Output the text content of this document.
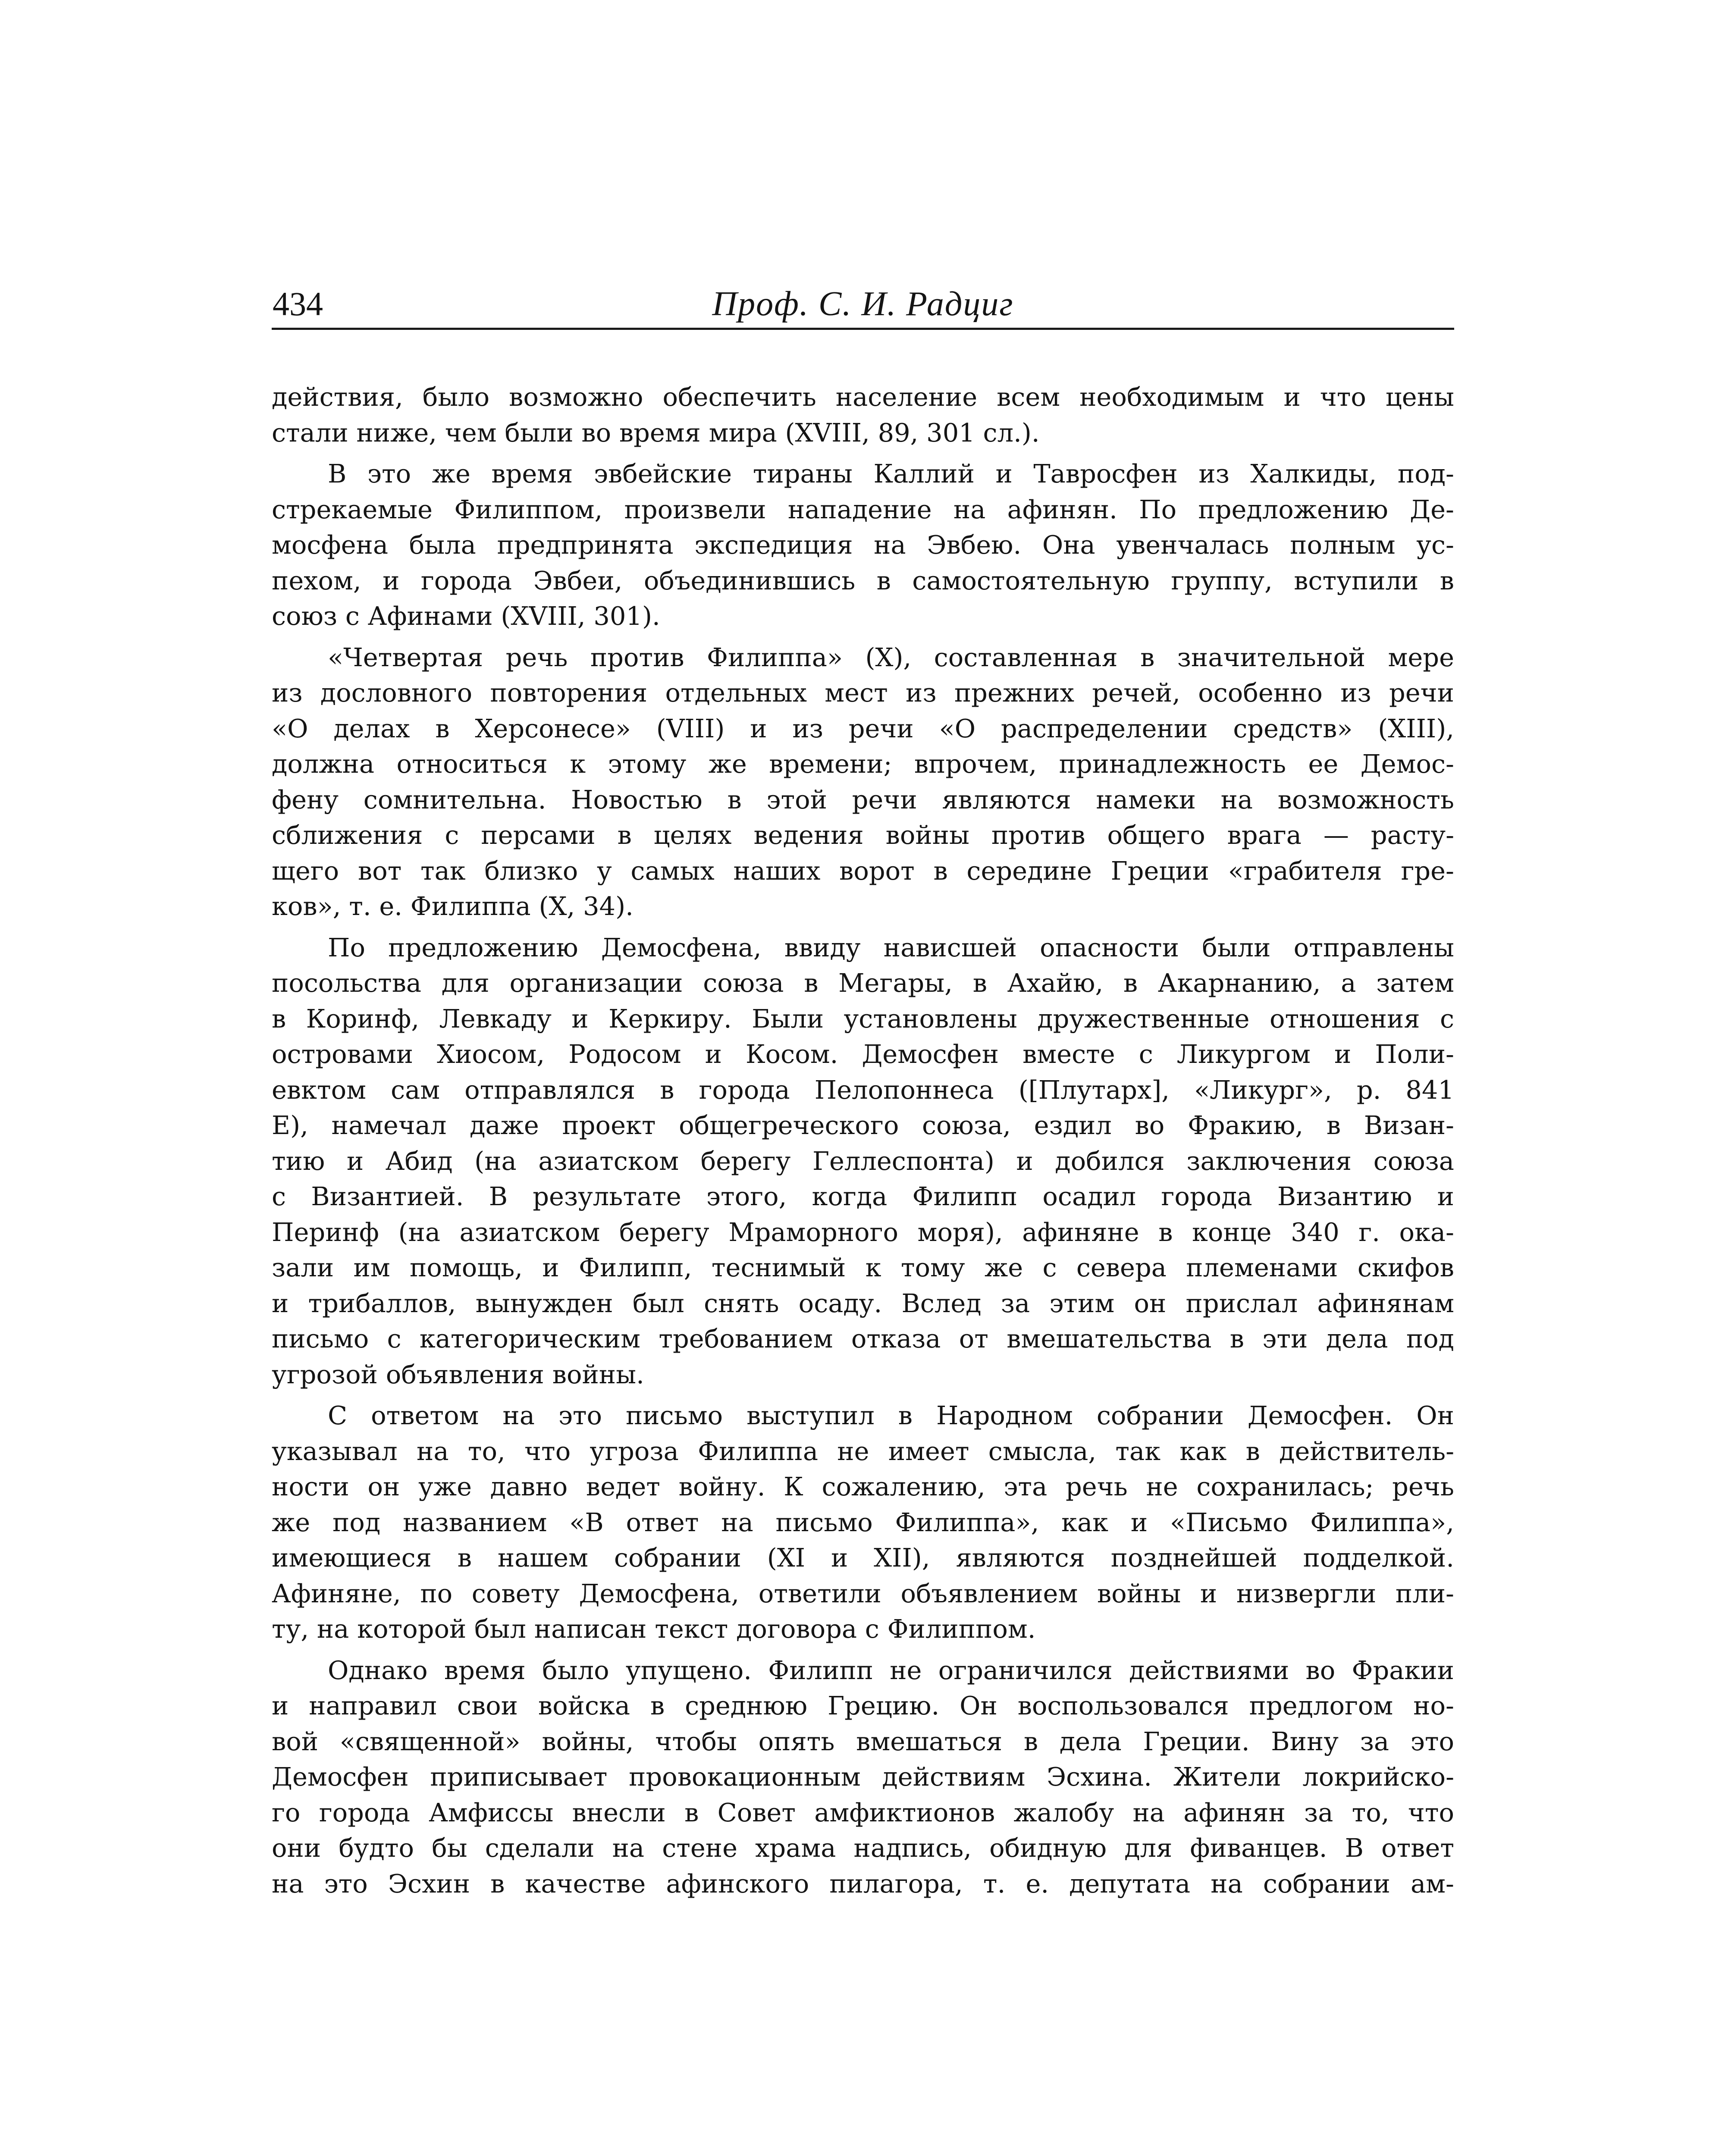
434	Проф. С. И. Радциг
действия, было возможно обеспечить население всем необходимым и что цены
стали ниже, чем были во время мира (XVIII, 89, 301 сл.).
В это же время эвбейские тираны Каллий и Тавросфен из Халкиды, под-
стрекаемые Филиппом, произвели нападение на афинян. По предложению Де-
мосфена была предпринята экспедиция на Эвбею. Она увенчалась полным ус-
пехом, и города Эвбеи, объединившись в самостоятельную группу, вступили в
союз с Афинами (XVIII, 301).
«Четвертая речь против Филиппа» (X), составленная в значительной мере
из дословного повторения отдельных мест из прежних речей, особенно из речи
«О делах в Херсонесе» (VIII) и из речи «О распределении средств» (XIII),
должна относиться к этому же времени; впрочем, принадлежность ее Демос-
фену сомнительна. Новостью в этой речи являются намеки на возможность
сближения с персами в целях ведения войны против общего врага — расту-
щего вот так близко у самых наших ворот в середине Греции «грабителя гре-
ков», т. е. Филиппа (X, 34).
По предложению Демосфена, ввиду нависшей опасности были отправлены
посольства для организации союза в Мегары, в Ахайю, в Акарнанию, а затем
в Коринф, Левкаду и Керкиру. Были установлены дружественные отношения с
островами Хиосом, Родосом и Косом. Демосфен вместе с Ликургом и Поли-
евктом сам отправлялся в города Пелопоннеса ([Плутарх], «Ликург», р. 841
E), намечал даже проект общегреческого союза, ездил во Фракию, в Визан-
тию и Абид (на азиатском берегу Геллеспонта) и добился заключения союза
с Византией. В результате этого, когда Филипп осадил города Византию и
Перинф (на азиатском берегу Мраморного моря), афиняне в конце 340 г. ока-
зали им помощь, и Филипп, теснимый к тому же с севера племенами скифов
и трибаллов, вынужден был снять осаду. Вслед за этим он прислал афинянам
письмо с категорическим требованием отказа от вмешательства в эти дела под
угрозой объявления войны.
С ответом на это письмо выступил в Народном собрании Демосфен. Он
указывал на то, что угроза Филиппа не имеет смысла, так как в действитель-
ности он уже давно ведет войну. К сожалению, эта речь не сохранилась; речь
же под названием «В ответ на письмо Филиппа», как и «Письмо Филиппа»,
имеющиеся в нашем собрании (XI и XII), являются позднейшей подделкой.
Афиняне, по совету Демосфена, ответили объявлением войны и низвергли пли-
ту, на которой был написан текст договора с Филиппом.
Однако время было упущено. Филипп не ограничился действиями во Фракии
и направил свои войска в среднюю Грецию. Он воспользовался предлогом но-
вой «священной» войны, чтобы опять вмешаться в дела Греции. Вину за это
Демосфен приписывает провокационным действиям Эсхина. Жители локрийско-
го города Амфиссы внесли в Совет амфиктионов жалобу на афинян за то, что
они будто бы сделали на стене храма надпись, обидную для фиванцев. В ответ
на это Эсхин в качестве афинского пилагора, т. е. депутата на собрании ам-
